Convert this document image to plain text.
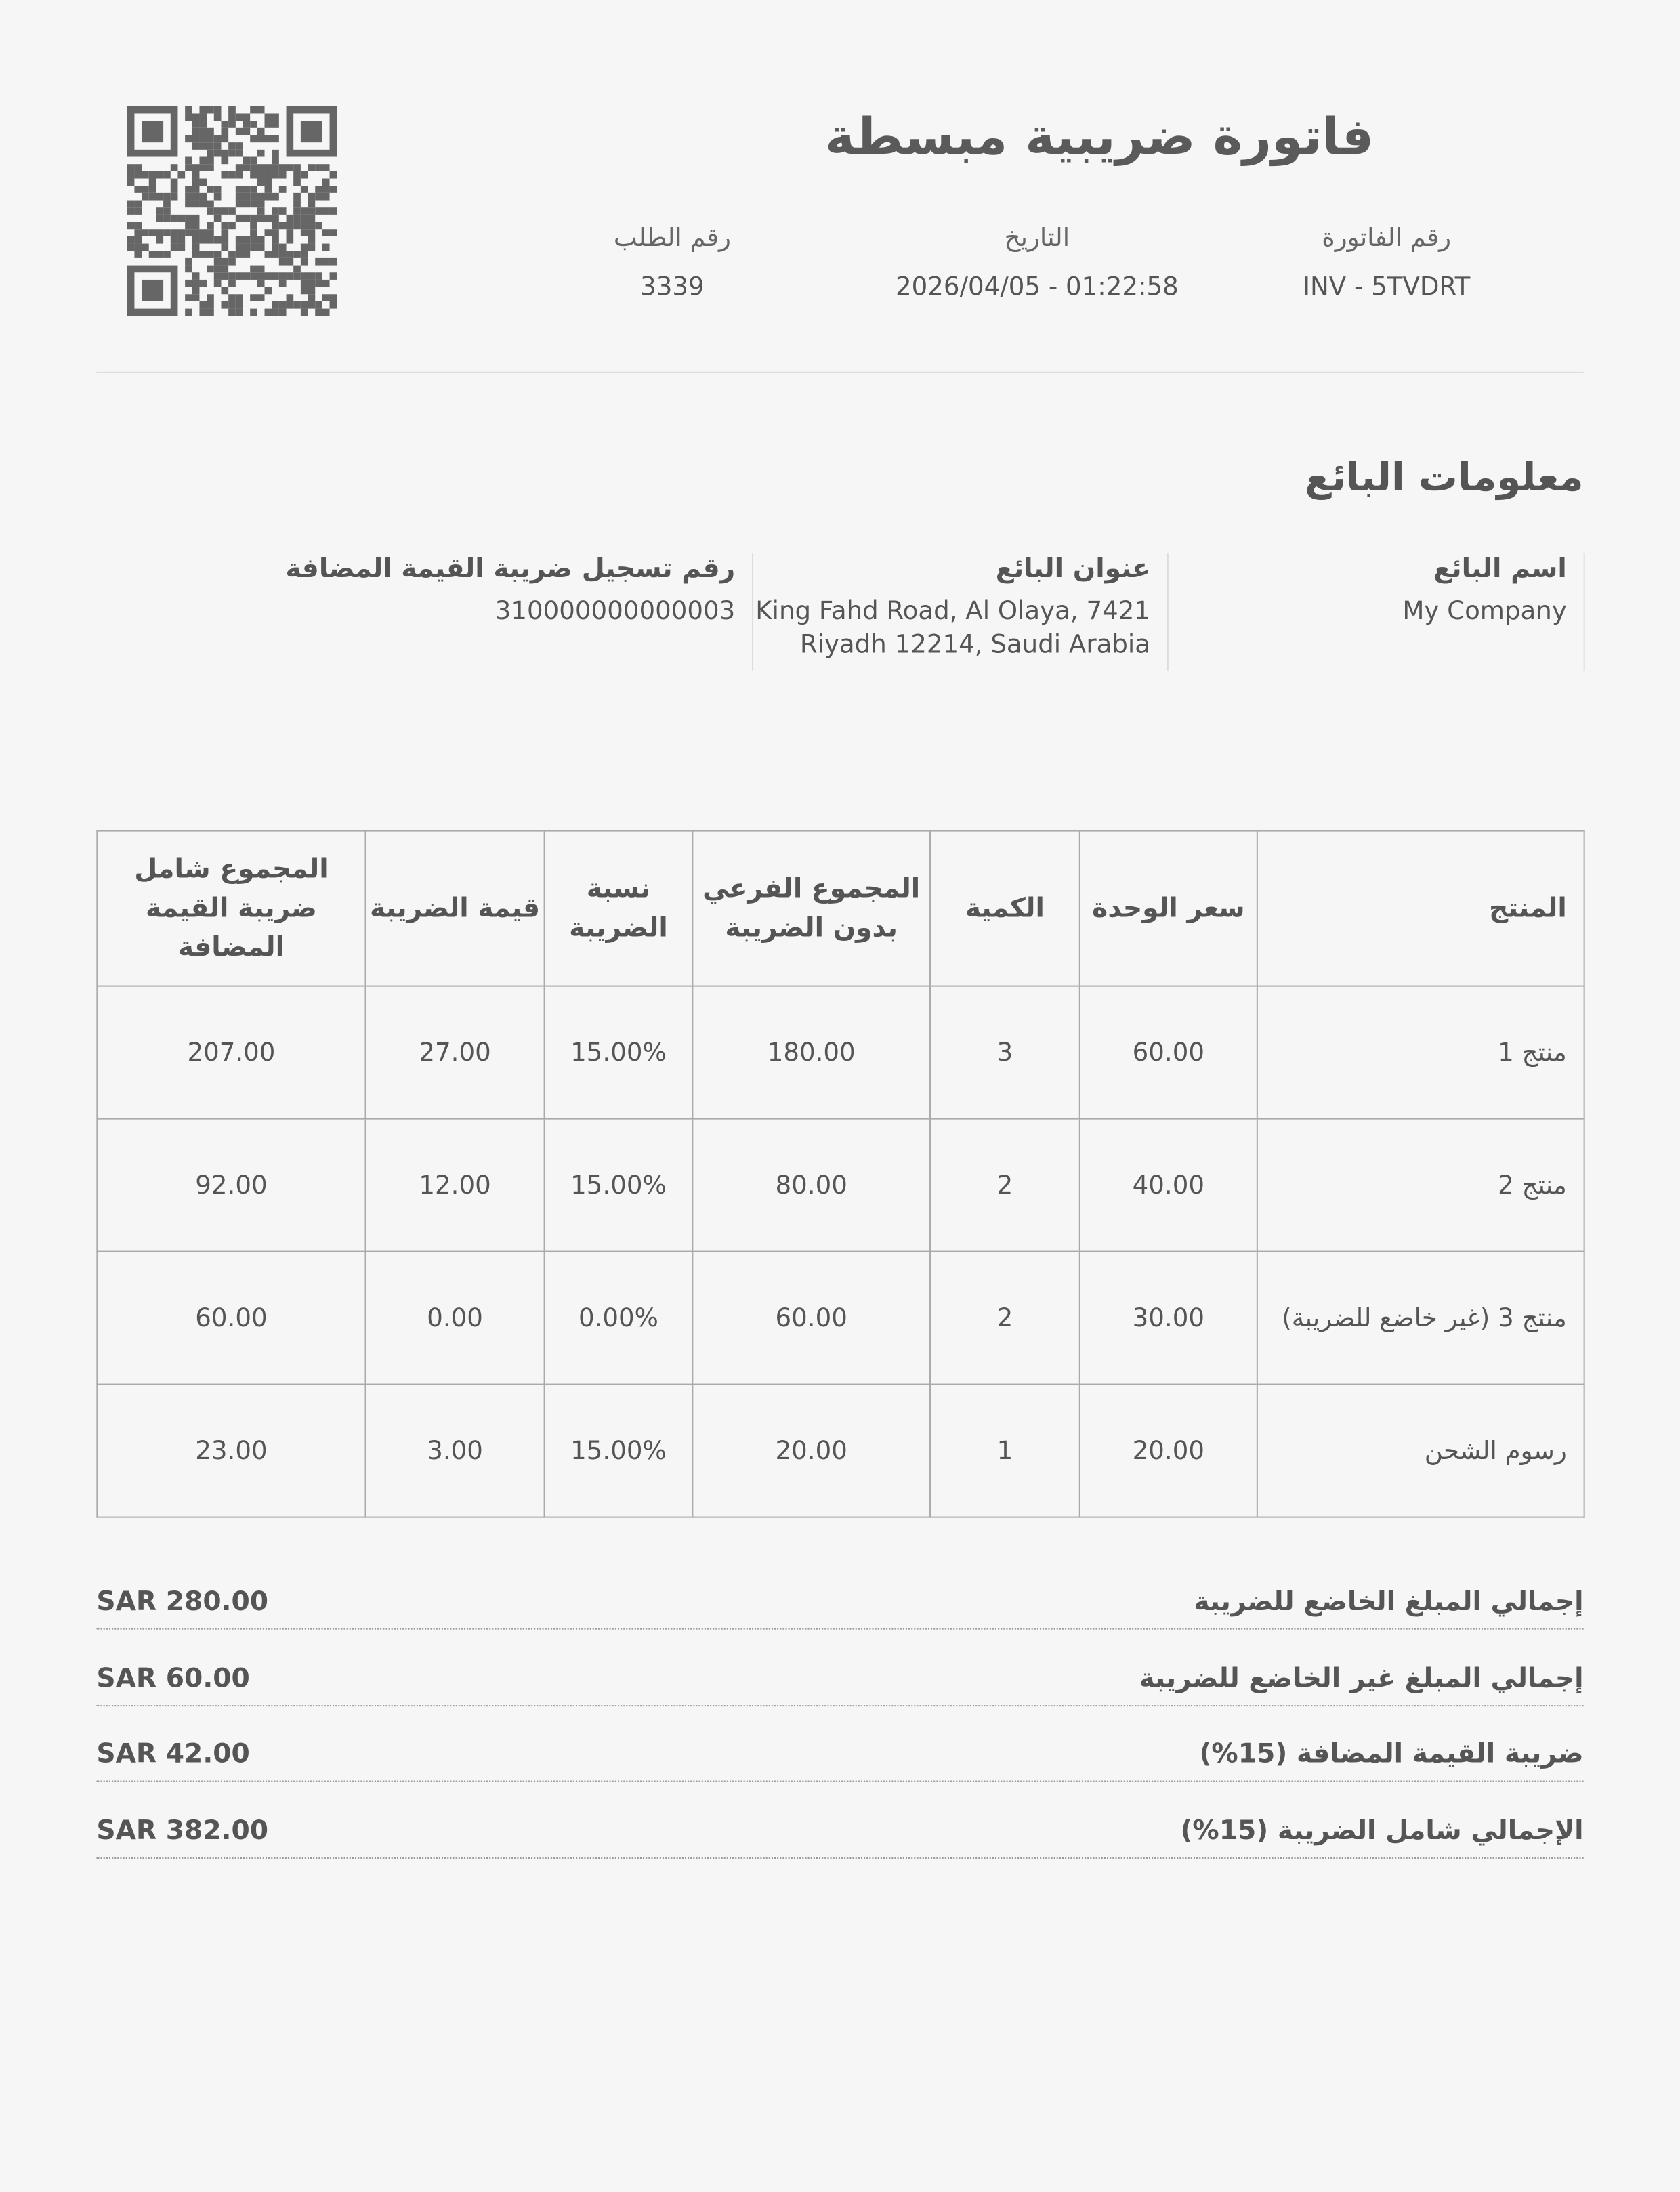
فاتورة ضريبية مبسطة
رقم الفاتورة
INV - 5TVDRT
التاريخ
2026/04/05 - 01:22:58
رقم الطلب
3339
معلومات البائع
اسم البائع
My Company
عنوان البائع
King Fahd Road, Al Olaya, 7421
Riyadh 12214, Saudi Arabia
رقم تسجيل ضريبة القيمة المضافة
310000000000003
المنتج	سعر الوحدة	الكمية	المجموع الفرعي بدون الضريبة	نسبة الضريبة	قيمة الضريبة	المجموع شامل ضريبة القيمة المضافة
منتج 1	60.00	3	180.00	15.00%	27.00	207.00
منتج 2	40.00	2	80.00	15.00%	12.00	92.00
منتج 3 (غير خاضع للضريبة)	30.00	2	60.00	0.00%	0.00	60.00
رسوم الشحن	20.00	1	20.00	15.00%	3.00	23.00
إجمالي المبلغ الخاضع للضريبة
SAR 280.00
إجمالي المبلغ غير الخاضع للضريبة
SAR 60.00
ضريبة القيمة المضافة (15%)
SAR 42.00
الإجمالي شامل الضريبة (15%)
SAR 382.00
